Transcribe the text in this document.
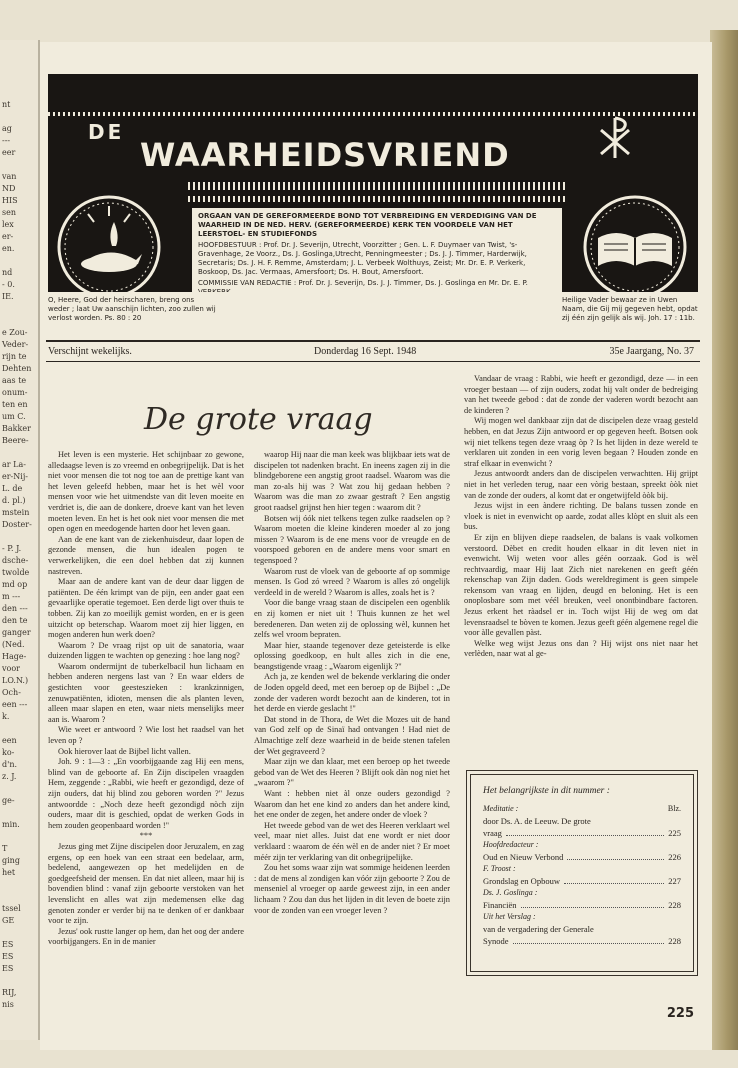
nt
ag
---
eer
van
ND
HIS
sen
lex
er-
en.
nd
- 0.
IE.
e Zou-
Veder-
rijn te
Dehten
aas te
onum-
ten en
um C.
Bakker
Beere-
ar La-
er-Nij-
L. de
d. pl.)
mstein
Doster-
- P. J.
dsche-
twolde
md op
m ---
den ---
den te
ganger
(Ned.
Hage-
voor
LO.N.)
Och-
een ---
k.
een
ko-
d'n.
z. J.
ge-
min.
T
ging
het
tssel
GE
ES
ES
ES
RIJ,
nis
DE
WAARHEIDSVRIEND

ORGAAN VAN DE GEREFORMEERDE BOND TOT VERBREIDING EN VERDEDIGING VAN DE WAARHEID IN DE NED. HERV. (GEREFORMEERDE) KERK TEN VOORDELE VAN HET LEERSTOEL- EN STUDIEFONDS

HOOFDBESTUUR : Prof. Dr. J. Severijn, Utrecht, Voorzitter ; Gen. L. F. Duymaer van Twist, 's-Gravenhage, 2e Voorz., Ds. J. Goslinga,Utrecht, Penningmeester ; Ds. J. J. Timmer, Harderwijk, Secretaris; Ds. J. H. F. Remme, Amsterdam; J. L. Verbeek Wolthuys, Zeist; Mr. Dr. E. P. Verkerk, Boskoop, Ds. Jac. Vermaas, Amersfoort; Ds. H. Bout, Amersfoort.

COMMISSIE VAN REDACTIE : Prof. Dr. J. Severijn, Ds. J. J. Timmer, Ds. J. Goslinga en Mr. Dr. E. P.

O, Heere, God der heirscharen, breng ons weder ; laat Uw aanschijn lichten, zoo zullen wij verlost worden. Ps. 80 : 20
Heilige Vader bewaar ze in Uwen Naam, die Gij mij gegeven hebt, opdat zij één zijn gelijk als wij. Joh. 17 : 11b.
Verschijnt wekelijks.	Donderdag 16 Sept. 1948	35e Jaargang, No. 37
De grote vraag

Het leven is een mysterie. Het schijnbaar zo gewone, alledaagse leven is zo vreemd en onbegrijpelijk. Dat is het niet voor mensen die tot nog toe aan de prettige kant van het leven geleefd hebben, maar het is het wèl voor mensen voor wie het uitmendste van dit leven moeite en verdriet is, die aan de donkere, droeve kant van het leven moeten leven. En het is het ook niet voor mensen die met open ogen en meedogende harten door het leven gaan.

Aan de ene kant van de ziekenhuisdeur, daar lopen de gezonde mensen, die hun idealen pogen te verwerkelijken, die een doel hebben dat zij kunnen nastreven.

Maar aan de andere kant van de deur daar liggen de patiënten. De één krimpt van de pijn, een ander gaat een gevaarlijke operatie tegemoet. Een derde ligt over thuis te tobben. Zij kan zo moeilijk gemist worden, en er is geen uitzicht op beterschap. Waarom moet zij hier liggen, en mogen anderen hun werk doen?

Waarom ? De vraag rijst op uit de sanatoria, waar duizenden liggen te wachten op genezing : hoe lang nog?

Waarom ondermijnt de tuberkelbacil hun lichaam en hebben anderen nergens last van ? En waar elders de gestichten voor geesteszieken : krankzinnigen, zenuwpatiënten, idioten, mensen die als planten leven, alleen maar slapen en eten, waar niets menselijks meer aan is. Waarom ?

Wie weet er antwoord ? Wie lost het raadsel van het leven op ?

Ook hierover laat de Bijbel licht vallen.

Joh. 9 : 1—3 : „En voorbijgaande zag Hij een mens, blind van de geboorte af. En Zijn discipelen vraagden Hem, zeggende : „Rabbi, wie heeft er gezondigd, deze of zijn ouders, dat hij blind zou geboren worden ?" Jezus antwoordde : „Noch deze heeft gezondigd nòch zijn ouders, maar dit is geschied, opdat de werken Gods in hem zouden geopenbaard worden !"

***

Jezus ging met Zijne discipelen door Jeruzalem, en zag ergens, op een hoek van een straat een bedelaar, arm, bedelend, aangewezen op het medelijden en de goedgeefsheid der mensen. En dat niet alleen, maar hij is bovendien blind : vanaf zijn geboorte verstoken van het levenslicht en alles wat zijn medemensen elke dag genoten zonder er verder bij na te denken of er dankbaar voor te zijn.

Jezus' ook rustte langer op hem, dan het oog der andere voorbijgangers. En in de manier

waarop Hij naar die man keek was blijkbaar iets wat de discipelen tot nadenken bracht. En ineens zagen zij in die blindgeborene een angstig groot raadsel. Waarom was die man zo-als hij was ? Wat zou hij gedaan hebben ? Waarom was die man zo zwaar gestraft ? Een angstig groot raadsel grijnst hen hier tegen : waarom dit ?

Botsen wij óók niet telkens tegen zulke raadselen op ? Waarom moeten die kleine kinderen moeder al zo jong missen ? Waarom is de ene mens voor de vreugde en de voorspoed geboren en de andere mens voor smart en tegenspoed ?

Waarom rust de vloek van de geboorte af op sommige mensen. Is God zó wreed ? Waarom is alles zó ongelijk verdeeld in de wereld ? Waarom is alles, zoals het is ?

Voor die bange vraag staan de discipelen een ogenblik en zij komen er niet uit ! Thuis kunnen ze het wel beredeneren. Dan weten zij de oplossing wèl, kunnen het zelfs wel vroom bepraten.

Maar hier, staande tegenover deze geteisterde is elke oplossing goedkoop, en hult alles zich in die ene, beangstigende vraag : „Waarom eigenlijk ?"

Ach ja, ze kenden wel de bekende verklaring die onder de Joden opgeld deed, met een beroep op de Bijbel : „De zonde der vaderen wordt bezocht aan de kinderen, tot in het derde en vierde geslacht !"

Dat stond in de Thora, de Wet die Mozes uit de hand van God zelf op de Sinaï had ontvangen ! Had niet de Almachtige zelf deze waarheid in de beide stenen tafelen der Wet gegraveerd ?

Maar zijn we dan klaar, met een beroep op het tweede gebod van de Wet des Heeren ? Blijft ook dàn nog niet het „waarom ?"

Want : hebben niet àl onze ouders gezondigd ? Waarom dan het ene kind zo anders dan het andere kind, het ene onder de zegen, het andere onder de vloek ?

Het tweede gebod van de wet des Heeren verklaart wel veel, maar niet alles. Juist dat ene wordt er niet door verklaard : waarom de één wèl en de ander niet ? Er moet méér zijn ter verklaring van dit onbegrijpelijke.

Zou het soms waar zijn wat sommige heidenen leerden : dat de mens al zondigen kan vóór zijn geboorte ? Zou de menseniel al vroeger op aarde geweest zijn, in een ander lichaam ? Zou dan dus het lijden in dit leven de boete zijn voor de zonden van een vroeger leven ?

Vandaar de vraag : Rabbi, wie heeft er gezondigd, deze — in een vroeger bestaan — of zijn ouders, zodat hij valt onder de bedreiging van het tweede gebod : dat de zonde der vaderen wordt bezocht aan de kinderen ?

Wij mogen wel dankbaar zijn dat de discipelen deze vraag gesteld hebben, en dat Jezus Zijn antwoord er op gegeven heeft. Botsen ook wij niet telkens tegen deze vraag òp ? Is het lijden in deze wereld te verklaren uit zonden in een vorig leven begaan ? Houden zonde en straf elkaar in evenwicht ?

Jezus antwoordt anders dan de discipelen verwachtten. Hij grijpt niet in het verleden terug, naar een vòrig bestaan, spreekt òòk niet van de zonde der ouders, al komt dat er ongetwijfeld òòk bij.

Jezus wijst in een àndere richting. De balans tussen zonde en vloek is niet in evenwicht op aarde, zodat alles klòpt en sluit als een bus.

Er zijn en blijven diepe raadselen, de balans is vaak volkomen verstoord. Dèbet en credit houden elkaar in dit leven niet in evenwicht. Wij weten voor alles géén oorzaak. God is wèl rechtvaardig, maar Hij laat Zich niet narekenen en geeft géén rekenschap van Zijn daden. Gods wereldregiment is geen simpele rekensom van vraag en lijden, deugd en beloning. Het is een onoplosbare som met véél breuken, veel onontbindbare factoren. Jezus erkent het ràadsel er in. Toch wijst Hij de weg om dat levensraadsel te bòven te komen. Jezus geeft géén algemene regel die voor àlle gevallen pàst.

Welke weg wijst Jezus ons dan ? Hij wijst ons niet naar het verlèden, naar wat al ge-

Het belangrijkste in dit nummer :
Meditatie :	Blz.
door Ds. A. de Leeuw. De grote
vraag	225
Hoofdredacteur :
Oud en Nieuw Verbond	226
F. Troost :
Grondslag en Opbouw	227
Ds. J. Goslinga :
Financiën	228
Uit het Verslag :
van de vergadering der Generale
Synode	228
225
